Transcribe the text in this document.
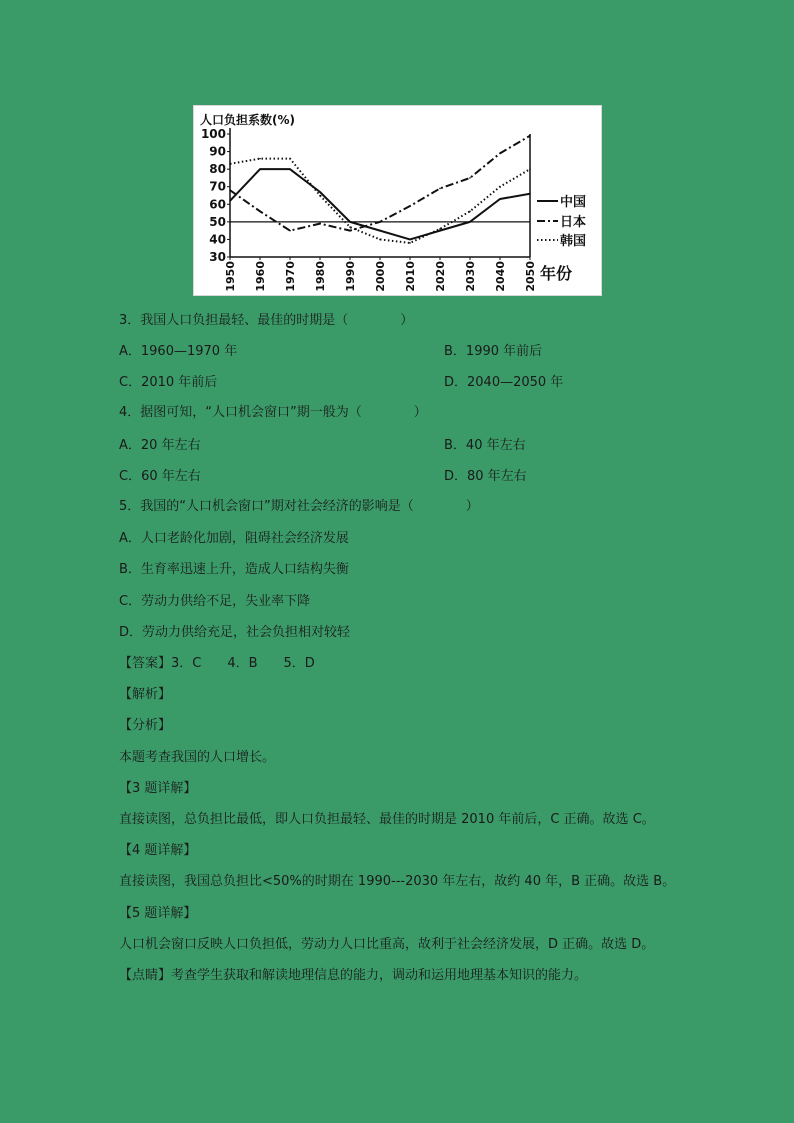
30
40
50
60
70
80
90
100
1950 1960 1970 1980 1990 2000 2010 2020 2030 2040 2050
人口负担系数(%)
年份
中国
日本
韩国
3．我国人口负担最轻、最佳的时期是（　　　　）
A．1960—1970 年	B．1990 年前后
C．2010 年前后	D．2040—2050 年
4．据图可知，“人口机会窗口”期一般为（　　　　）
A．20 年左右	B．40 年左右
C．60 年左右	D．80 年左右
5．我国的“人口机会窗口”期对社会经济的影响是（　　　　）
A．人口老龄化加剧，阻碍社会经济发展
B．生育率迅速上升，造成人口结构失衡
C．劳动力供给不足，失业率下降
D．劳动力供给充足，社会负担相对较轻
【答案】3．C　　4．B　　5．D
【解析】
【分析】
本题考查我国的人口增长。
【3 题详解】
直接读图，总负担比最低，即人口负担最轻、最佳的时期是 2010 年前后，C 正确。故选 C。
【4 题详解】
直接读图，我国总负担比<50%的时期在 1990---2030 年左右，故约 40 年，B 正确。故选 B。
【5 题详解】
人口机会窗口反映人口负担低，劳动力人口比重高，故利于社会经济发展，D 正确。故选 D。
【点睛】考查学生获取和解读地理信息的能力，调动和运用地理基本知识的能力。
